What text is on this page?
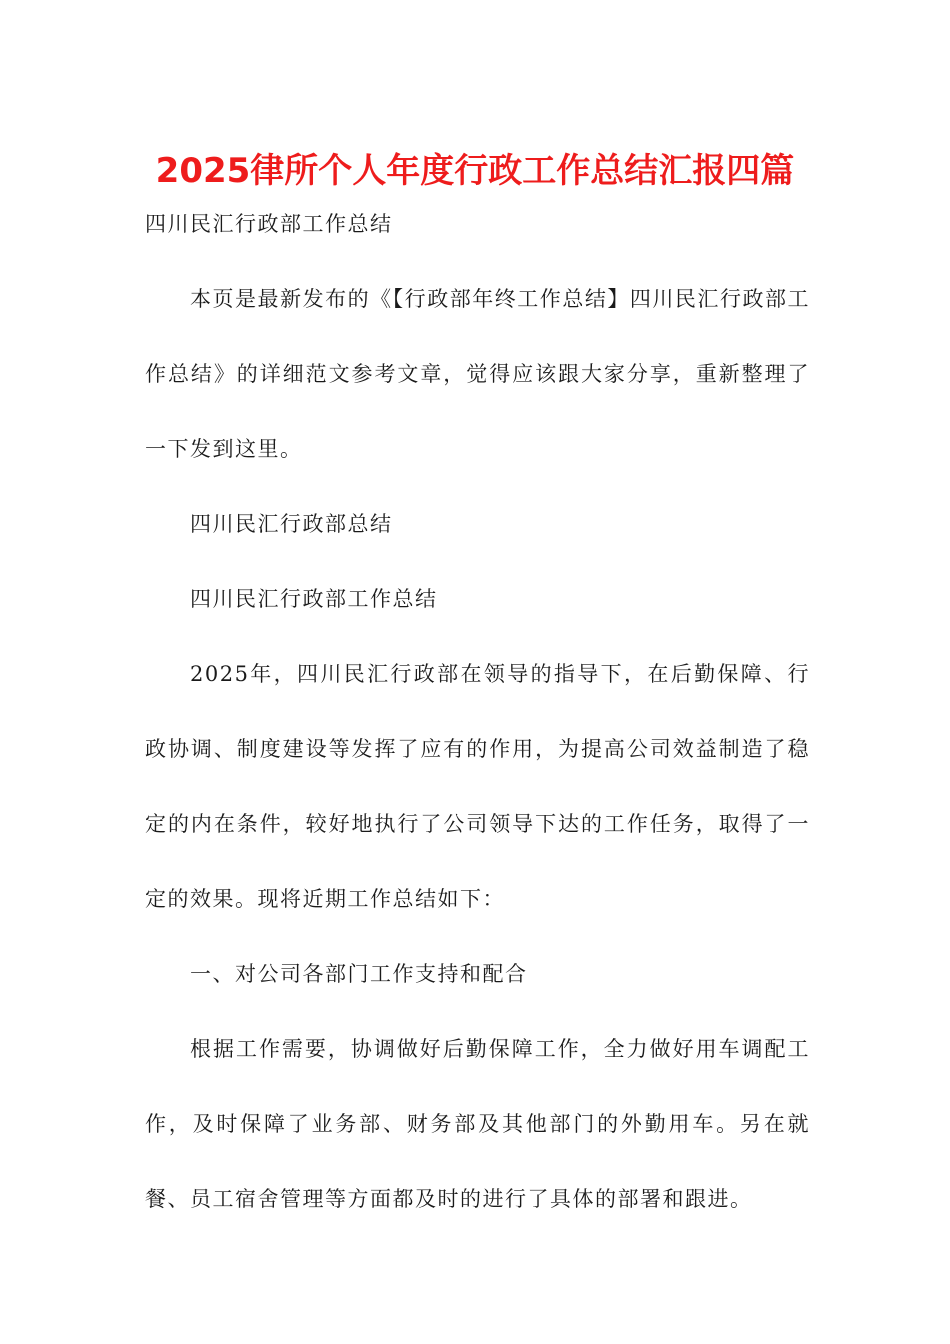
2025律所个人年度行政工作总结汇报四篇
四川民汇行政部工作总结

本页是最新发布的《【行政部年终工作总结】四川民汇行政部工作总结》的详细范文参考文章，觉得应该跟大家分享，重新整理了一下发到这里。

四川民汇行政部总结

四川民汇行政部工作总结

2025年，四川民汇行政部在领导的指导下，在后勤保障、行政协调、制度建设等发挥了应有的作用，为提高公司效益制造了稳定的内在条件，较好地执行了公司领导下达的工作任务，取得了一定的效果。现将近期工作总结如下：

一、对公司各部门工作支持和配合

根据工作需要，协调做好后勤保障工作，全力做好用车调配工作，及时保障了业务部、财务部及其他部门的外勤用车。另在就餐、员工宿舍管理等方面都及时的进行了具体的部署和跟进。
